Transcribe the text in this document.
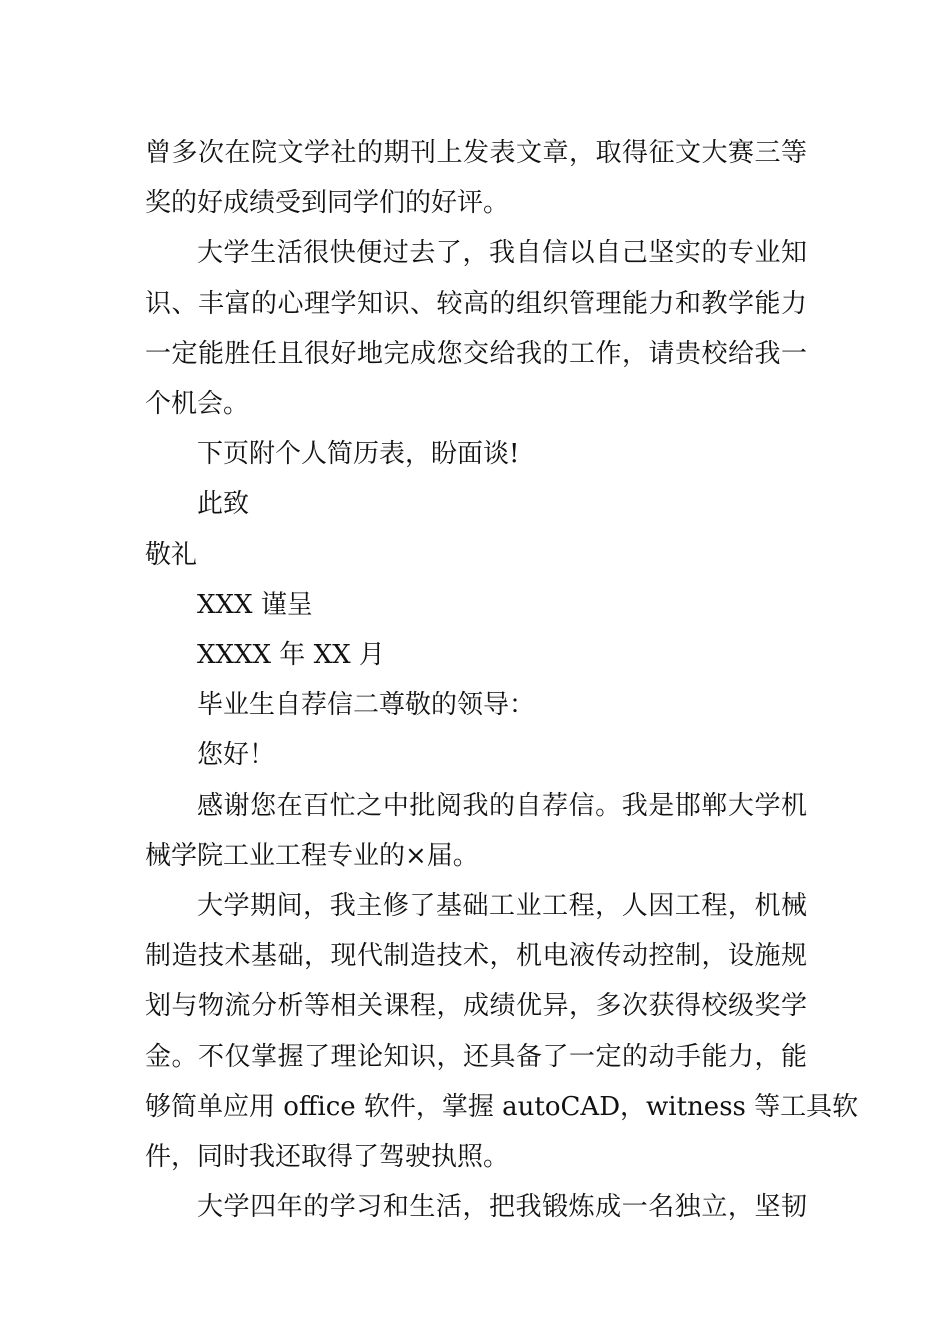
曾多次在院文学社的期刊上发表文章，取得征文大赛三等
奖的好成绩受到同学们的好评。
大学生活很快便过去了，我自信以自己坚实的专业知
识、丰富的心理学知识、较高的组织管理能力和教学能力
一定能胜任且很好地完成您交给我的工作，请贵校给我一
个机会。
下页附个人简历表，盼面谈!
此致
敬礼
XXX 谨呈
XXXX 年 XX 月
毕业生自荐信二尊敬的领导：
您好！
感谢您在百忙之中批阅我的自荐信。我是邯郸大学机
械学院工业工程专业的×届。
大学期间，我主修了基础工业工程，人因工程，机械
制造技术基础，现代制造技术，机电液传动控制，设施规
划与物流分析等相关课程，成绩优异，多次获得校级奖学
金。不仅掌握了理论知识，还具备了一定的动手能力，能
够简单应用 office 软件，掌握 autoCAD，witness 等工具软
件，同时我还取得了驾驶执照。
大学四年的学习和生活，把我锻炼成一名独立，坚韧
